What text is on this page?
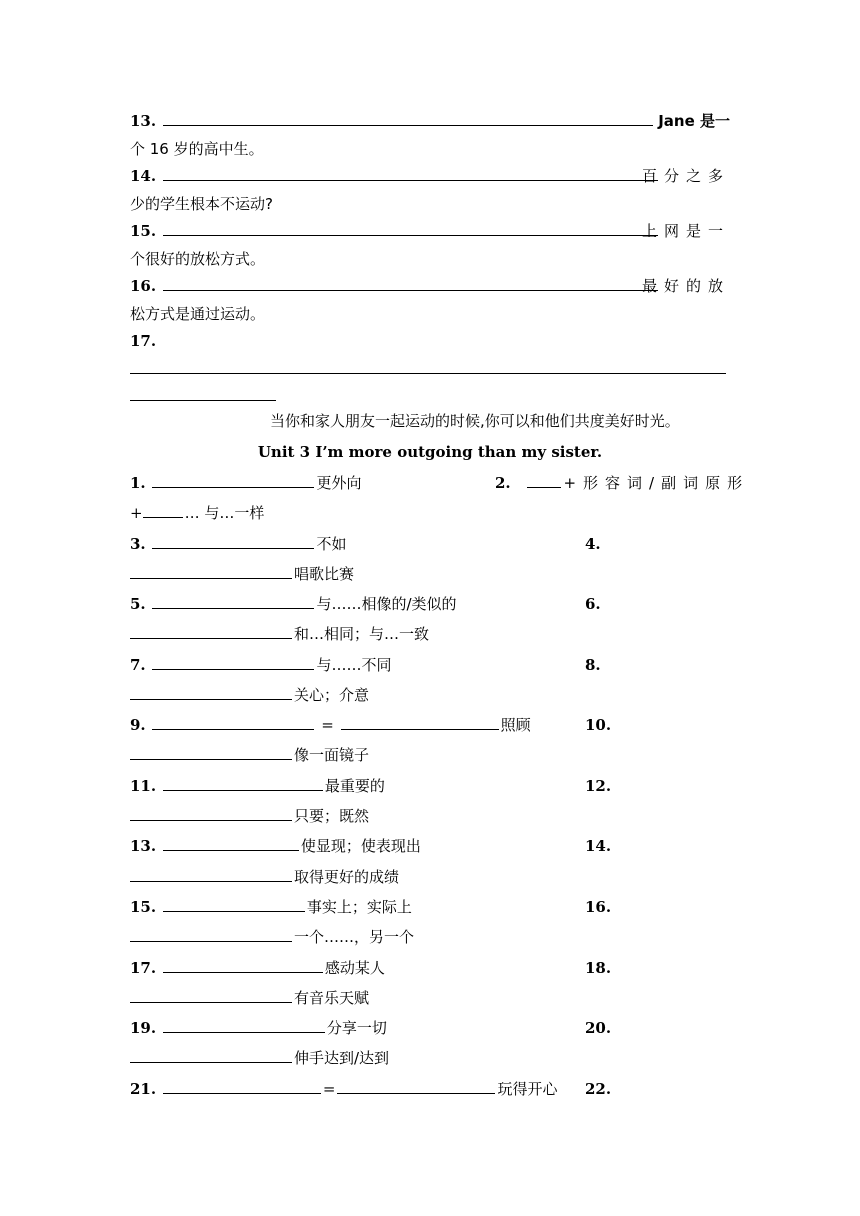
13.	Jane 是一
个 16 岁的高中生。
14.	百分之多
少的学生根本不运动?
15.	上网是一
个很好的放松方式。
16.	最好的放
松方式是通过运动。
17.
当你和家人朋友一起运动的时候,你可以和他们共度美好时光。
Unit 3 I’m more outgoing than my sister.
1.	更外向	2.	+形容词/副词原形
+	… 与…一样
3.	不如	4.
唱歌比赛
5.	与……相像的/类似的	6.
和…相同；与…一致
7.	与……不同	8.
关心；介意
9.	=	照顾	10.
像一面镜子
11.	最重要的	12.
只要；既然
13.	使显现；使表现出	14.
取得更好的成绩
15.	事实上；实际上	16.
一个……，另一个
17.	感动某人	18.
有音乐天赋
19.	分享一切	20.
伸手达到/达到
21.	=	玩得开心 22.
